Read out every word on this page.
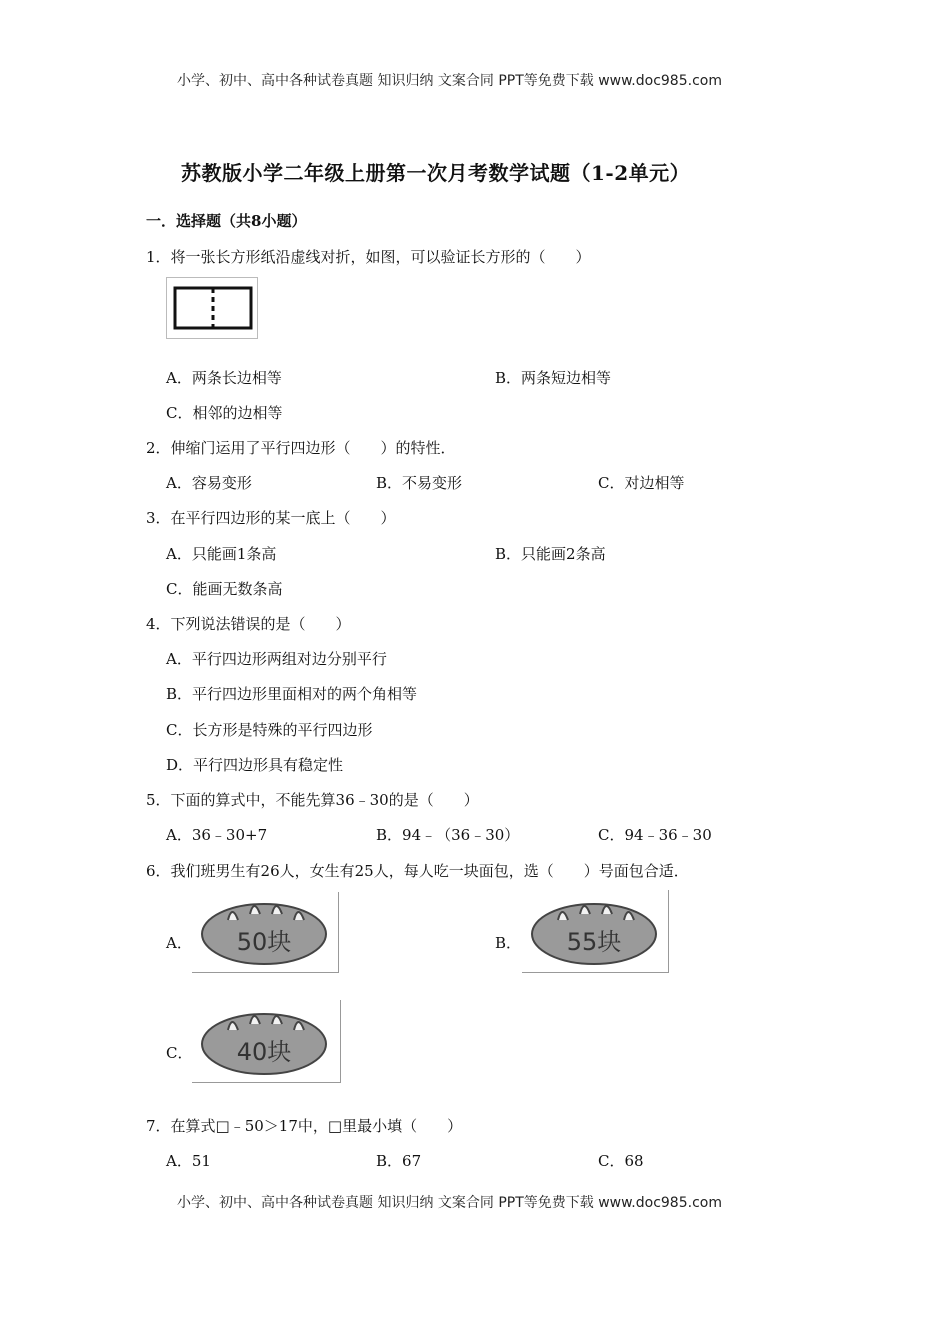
小学、初中、高中各种试卷真题 知识归纳 文案合同 PPT等免费下载 www.doc985.com
苏教版小学二年级上册第一次月考数学试题（1-2单元）
一．选择题（共8小题）
1．将一张长方形纸沿虚线对折，如图，可以验证长方形的（　　）
A．两条长边相等	B．两条短边相等
C．相邻的边相等
2．伸缩门运用了平行四边形（　　）的特性．
A．容易变形	B．不易变形	C．对边相等
3．在平行四边形的某一底上（　　）
A．只能画1条高	B．只能画2条高
C．能画无数条高
4．下列说法错误的是（　　）
A．平行四边形两组对边分别平行
B．平行四边形里面相对的两个角相等
C．长方形是特殊的平行四边形
D．平行四边形具有稳定性
5．下面的算式中，不能先算36﹣30的是（　　）
A．36﹣30+7	B．94﹣（36﹣30）	C．94﹣36﹣30
6．我们班男生有26人，女生有25人，每人吃一块面包，选（　　）号面包合适．
A． 50块	B． 55块
C． 40块
7．在算式□﹣50＞17中，□里最小填（　　）
A．51	B．67	C．68
小学、初中、高中各种试卷真题 知识归纳 文案合同 PPT等免费下载 www.doc985.com
